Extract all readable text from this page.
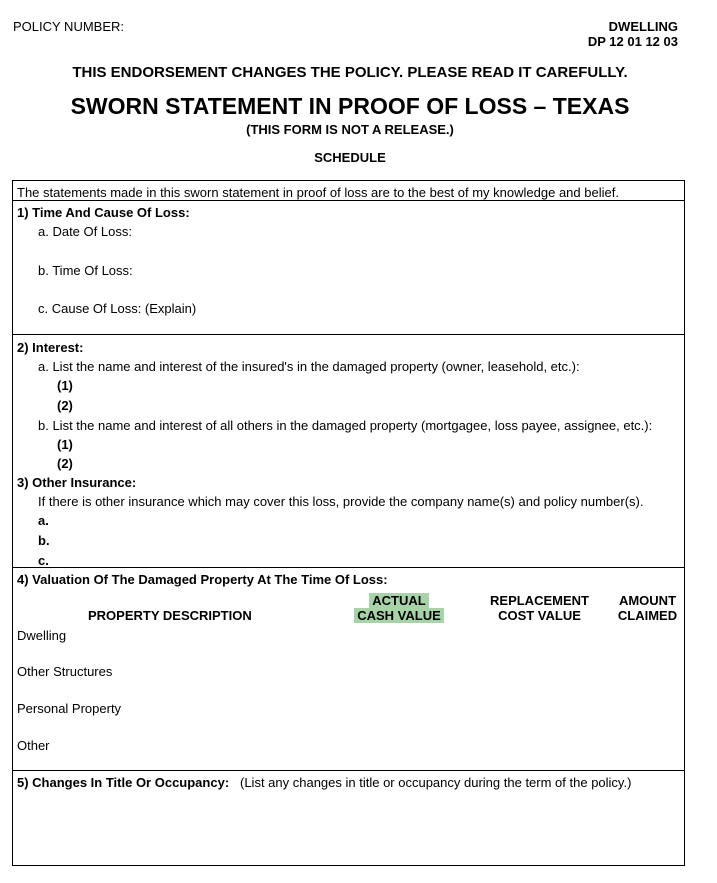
POLICY NUMBER:	DWELLING
DP 12 01 12 03
THIS ENDORSEMENT CHANGES THE POLICY. PLEASE READ IT CAREFULLY.
SWORN STATEMENT IN PROOF OF LOSS – TEXAS
(THIS FORM IS NOT A RELEASE.)
SCHEDULE
The statements made in this sworn statement in proof of loss are to the best of my knowledge and belief.
1) Time And Cause Of Loss:
a. Date Of Loss:
b. Time Of Loss:
c. Cause Of Loss: (Explain)
2) Interest:
a. List the name and interest of the insured's in the damaged property (owner, leasehold, etc.):
(1)
(2)
b. List the name and interest of all others in the damaged property (mortgagee, loss payee, assignee, etc.):
(1)
(2)
3) Other Insurance:
If there is other insurance which may cover this loss, provide the company name(s) and policy number(s).
a.
b.
c.
4) Valuation Of The Damaged Property At The Time Of Loss:
PROPERTY DESCRIPTION
ACTUAL
CASH VALUE
REPLACEMENT
COST VALUE
AMOUNT
CLAIMED
Dwelling
Other Structures
Personal Property
Other
5) Changes In Title Or Occupancy: (List any changes in title or occupancy during the term of the policy.)
